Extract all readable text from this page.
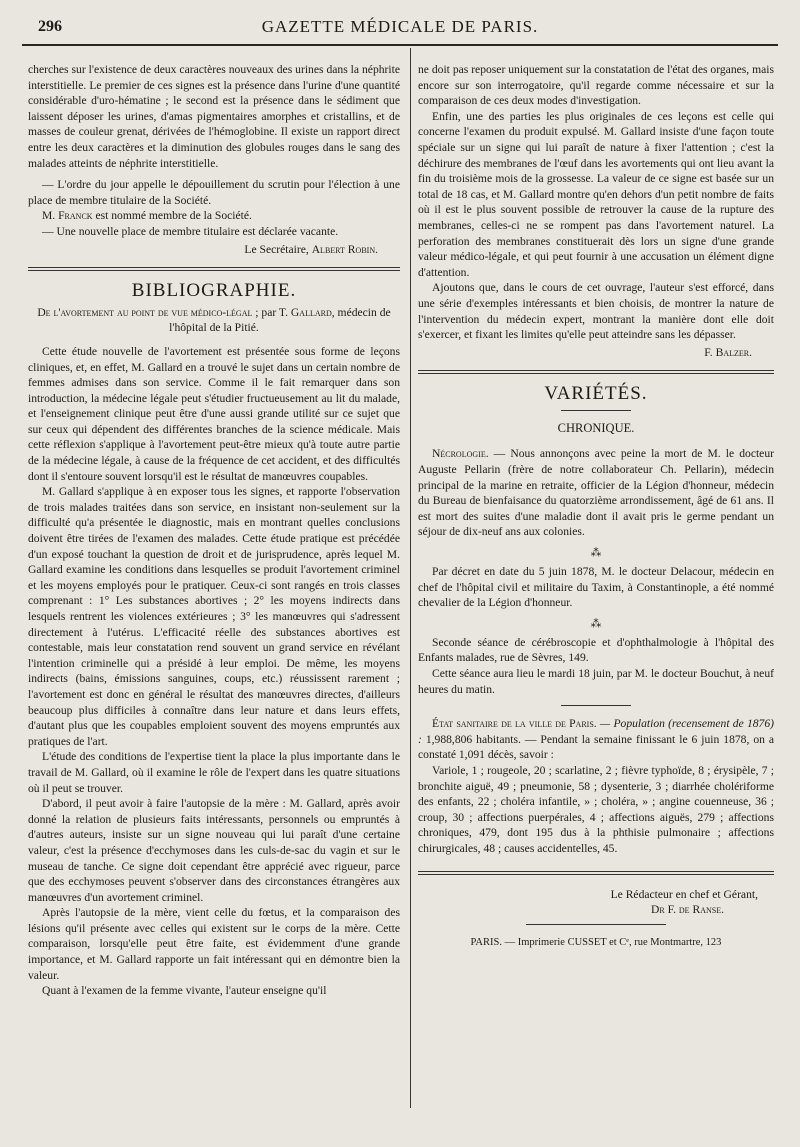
296	GAZETTE MÉDICALE DE PARIS.

cherches sur l'existence de deux caractères nouveaux des urines dans la néphrite interstitielle. Le premier de ces signes est la présence dans l'urine d'une quantité considérable d'uro-hématine ; le second est la présence dans le sédiment que laissent déposer les urines, d'amas pigmentaires amorphes et cristallins, et de masses de couleur grenat, dérivées de l'hémoglobine. Il existe un rapport direct entre les deux caractères et la diminution des globules rouges dans le sang des malades atteints de néphrite interstitielle.

— L'ordre du jour appelle le dépouillement du scrutin pour l'élection à une place de membre titulaire de la Société.

M. Franck est nommé membre de la Société.

— Une nouvelle place de membre titulaire est déclarée vacante.

Le Secrétaire, Albert Robin.
BIBLIOGRAPHIE.

De l'avortement au point de vue médico-légal ; par T. Gallard, médecin de l'hôpital de la Pitié.

Cette étude nouvelle de l'avortement est présentée sous forme de leçons cliniques, et, en effet, M. Gallard en a trouvé le sujet dans un certain nombre de femmes admises dans son service. Comme il le fait remarquer dans son introduction, la médecine légale peut s'étudier fructueusement au lit du malade, et l'enseignement clinique peut être d'une aussi grande utilité sur ce sujet que sur ceux qui dépendent des différentes branches de la science médicale. Mais cette réflexion s'applique à l'avortement peut-être mieux qu'à toute autre partie de la médecine légale, à cause de la fréquence de cet accident, et des difficultés dont il s'entoure souvent lorsqu'il est le résultat de manœuvres coupables.

M. Gallard s'applique à en exposer tous les signes, et rapporte l'observation de trois malades traitées dans son service, en insistant non-seulement sur la difficulté qu'a présentée le diagnostic, mais en montrant quelles conclusions doivent être tirées de l'examen des malades. Cette étude pratique est précédée d'un exposé touchant la question de droit et de jurisprudence, après lequel M. Gallard examine les conditions dans lesquelles se produit l'avortement criminel et les moyens employés pour le pratiquer. Ceux-ci sont rangés en trois classes comprenant : 1° Les substances abortives ; 2° les moyens indirects dans lesquels rentrent les violences extérieures ; 3° les manœuvres qui s'adressent directement à l'utérus. L'efficacité réelle des substances abortives est contestable, mais leur constatation rend souvent un grand service en révélant l'intention criminelle qui a présidé à leur emploi. De même, les moyens indirects (bains, émissions sanguines, coups, etc.) réussissent rarement ; l'avortement est donc en général le résultat des manœuvres directes, d'ailleurs beaucoup plus difficiles à connaître dans leur nature et dans leurs effets, d'autant plus que les coupables emploient souvent des moyens empruntés aux pratiques de l'art.

L'étude des conditions de l'expertise tient la place la plus importante dans le travail de M. Gallard, où il examine le rôle de l'expert dans les quatre situations où il peut se trouver.

D'abord, il peut avoir à faire l'autopsie de la mère : M. Gallard, après avoir donné la relation de plusieurs faits intéressants, personnels ou empruntés à d'autres auteurs, insiste sur un signe nouveau qui lui paraît d'une certaine valeur, c'est la présence d'ecchymoses dans les culs-de-sac du vagin et sur le museau de tanche. Ce signe doit cependant être apprécié avec rigueur, parce que des ecchymoses peuvent s'observer dans des circonstances étrangères aux manœuvres d'un avortement criminel.

Après l'autopsie de la mère, vient celle du fœtus, et la comparaison des lésions qu'il présente avec celles qui existent sur le corps de la mère. Cette comparaison, lorsqu'elle peut être faite, est évidemment d'une grande importance, et M. Gallard rapporte un fait intéressant qui en démontre bien la valeur.

Quant à l'examen de la femme vivante, l'auteur enseigne qu'il

ne doit pas reposer uniquement sur la constatation de l'état des organes, mais encore sur son interrogatoire, qu'il regarde comme nécessaire et sur la comparaison de ces deux modes d'investigation.

Enfin, une des parties les plus originales de ces leçons est celle qui concerne l'examen du produit expulsé. M. Gallard insiste d'une façon toute spéciale sur un signe qui lui paraît de nature à fixer l'attention ; c'est la déchirure des membranes de l'œuf dans les avortements qui ont lieu avant la fin du troisième mois de la grossesse. La valeur de ce signe est basée sur un total de 18 cas, et M. Gallard montre qu'en dehors d'un petit nombre de faits où il est le plus souvent possible de retrouver la cause de la rupture des membranes, celles-ci ne se rompent pas dans l'avortement naturel. La perforation des membranes constituerait dès lors un signe d'une grande valeur médico-légale, et qui peut fournir à une accusation un élément digne d'attention.

Ajoutons que, dans le cours de cet ouvrage, l'auteur s'est efforcé, dans une série d'exemples intéressants et bien choisis, de montrer la nature de l'intervention du médecin expert, montrant la manière dont elle doit s'exercer, et fixant les limites qu'elle peut atteindre sans les dépasser.

F. Balzer.
VARIÉTÉS.
CHRONIQUE.

Nécrologie. — Nous annonçons avec peine la mort de M. le docteur Auguste Pellarin (frère de notre collaborateur Ch. Pellarin), médecin principal de la marine en retraite, officier de la Légion d'honneur, médecin du Bureau de bienfaisance du quatorzième arrondissement, âgé de 61 ans. Il est mort des suites d'une maladie dont il avait pris le germe pendant un séjour de dix-neuf ans aux colonies.

⁂

Par décret en date du 5 juin 1878, M. le docteur Delacour, médecin en chef de l'hôpital civil et militaire du Taxim, à Constantinople, a été nommé chevalier de la Légion d'honneur.

⁂

Seconde séance de cérébroscopie et d'ophthalmologie à l'hôpital des Enfants malades, rue de Sèvres, 149.

Cette séance aura lieu le mardi 18 juin, par M. le docteur Bouchut, à neuf heures du matin.

État sanitaire de la ville de Paris. — Population (recensement de 1876) : 1,988,806 habitants. — Pendant la semaine finissant le 6 juin 1878, on a constaté 1,091 décès, savoir :

Variole, 1 ; rougeole, 20 ; scarlatine, 2 ; fièvre typhoïde, 8 ; érysipèle, 7 ; bronchite aiguë, 49 ; pneumonie, 58 ; dysenterie, 3 ; diarrhée cholériforme des enfants, 22 ; choléra infantile, » ; choléra, » ; angine couenneuse, 36 ; croup, 30 ; affections puerpérales, 4 ; affections aiguës, 279 ; affections chroniques, 479, dont 195 dus à la phthisie pulmonaire ; affections chirurgicales, 48 ; causes accidentelles, 45.

Le Rédacteur en chef et Gérant,
Dr F. de Ranse.
PARIS. — Imprimerie CUSSET et Cᵉ, rue Montmartre, 123
